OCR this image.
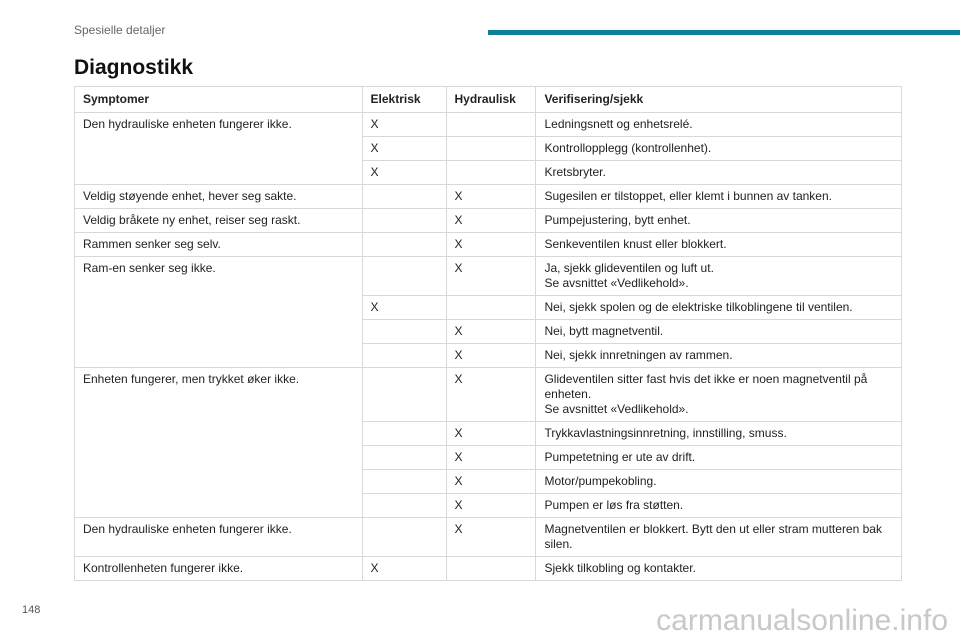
Spesielle detaljer
Diagnostikk
Symptomer	Elektrisk	Hydraulisk	Verifisering/sjekk
Den hydrauliske enheten fungerer ikke.	X		Ledningsnett og enhetsrelé.

	X		Kontrollopplegg (kontrollenhet).

	X		Kretsbryter.

Veldig støyende enhet, hever seg sakte.		X	Sugesilen er tilstoppet, eller klemt i bunnen av tanken.

Veldig bråkete ny enhet, reiser seg raskt.		X	Pumpejustering, bytt enhet.

Rammen senker seg selv.		X	Senkeventilen knust eller blokkert.

Ram-en senker seg ikke.		X	Ja, sjekk glideventilen og luft ut.
Se avsnittet «Vedlikehold».

	X		Nei, sjekk spolen og de elektriske tilkoblingene til ventilen.

		X	Nei, bytt magnetventil.

		X	Nei, sjekk innretningen av rammen.

Enheten fungerer, men trykket øker ikke.		X	Glideventilen sitter fast hvis det ikke er noen magnetventil på
enheten.
Se avsnittet «Vedlikehold».

		X	Trykkavlastningsinnretning, innstilling, smuss.

		X	Pumpetetning er ute av drift.

		X	Motor/pumpekobling.

		X	Pumpen er løs fra støtten.

Den hydrauliske enheten fungerer ikke.		X	Magnetventilen er blokkert. Bytt den ut eller stram mutteren bak
silen.

Kontrollenheten fungerer ikke.	X		Sjekk tilkobling og kontakter.
148	carmanualsonline.info
